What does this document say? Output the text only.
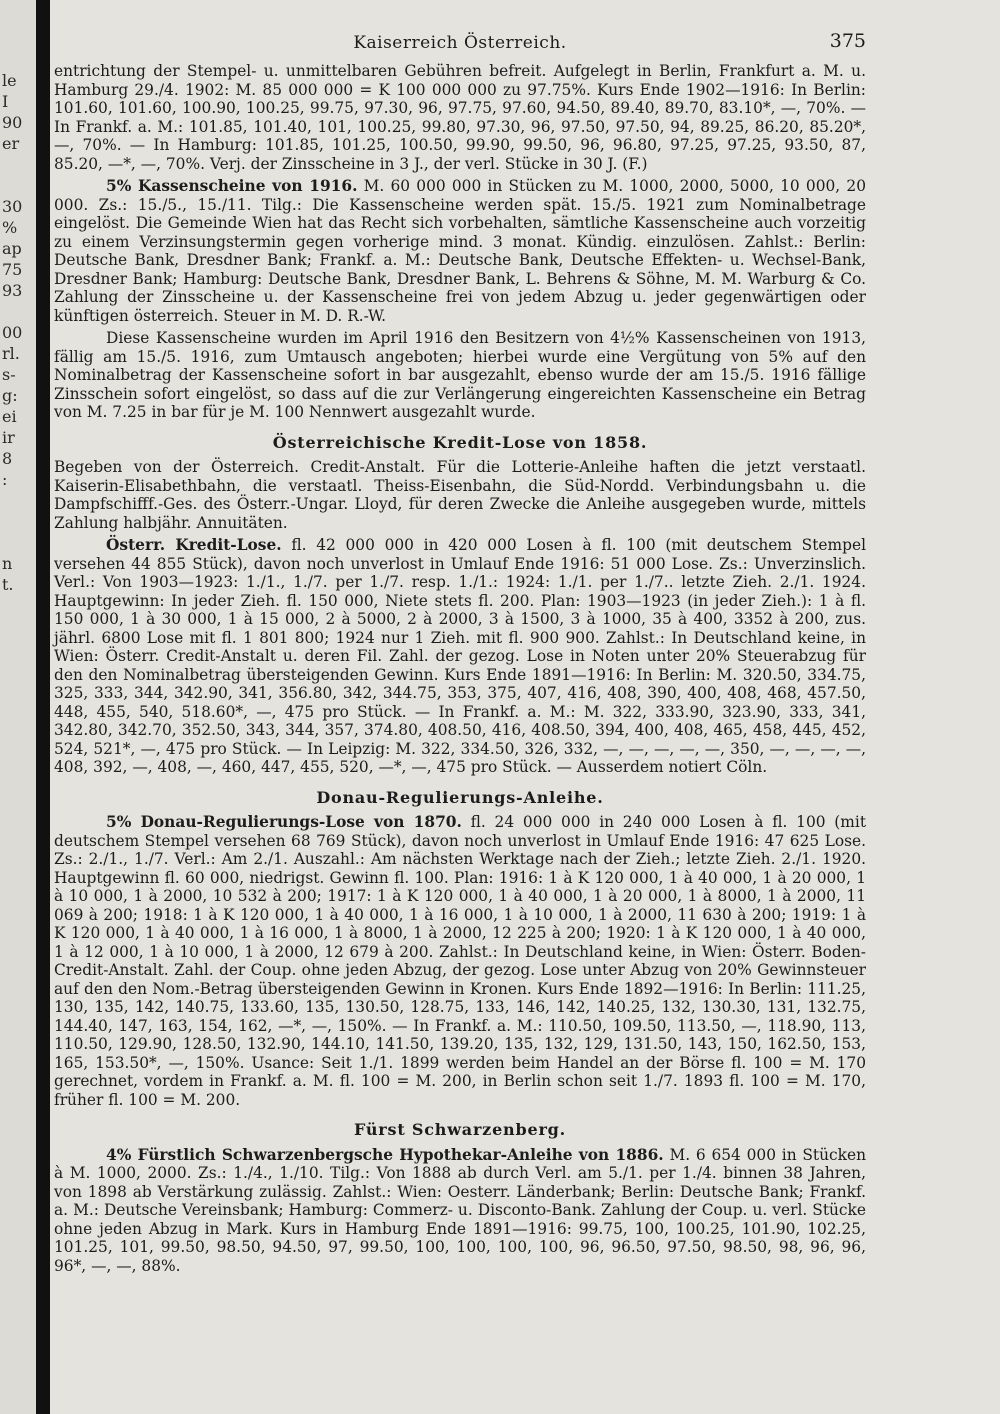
le
I
90
er
30
%
ap
75
93
00
rl.
s-
g:
ei
ir
8
:
n
t.
Kaiserreich Österreich.	375

entrichtung der Stempel- u. unmittelbaren Gebühren befreit. Aufgelegt in Berlin, Frankfurt a. M. u. Hamburg 29./4. 1902: M. 85 000 000 = K 100 000 000 zu 97.75%. Kurs Ende 1902—1916: In Berlin: 101.60, 101.60, 100.90, 100.25, 99.75, 97.30, 96, 97.75, 97.60, 94.50, 89.40, 89.70, 83.10*, —, 70%. — In Frankf. a. M.: 101.85, 101.40, 101, 100.25, 99.80, 97.30, 96, 97.50, 97.50, 94, 89.25, 86.20, 85.20*, —, 70%. — In Hamburg: 101.85, 101.25, 100.50, 99.90, 99.50, 96, 96.80, 97.25, 97.25, 93.50, 87, 85.20, —*, —, 70%. Verj. der Zinsscheine in 3 J., der verl. Stücke in 30 J. (F.)

5% Kassenscheine von 1916. M. 60 000 000 in Stücken zu M. 1000, 2000, 5000, 10 000, 20 000. Zs.: 15./5., 15./11. Tilg.: Die Kassenscheine werden spät. 15./5. 1921 zum Nominalbetrage eingelöst. Die Gemeinde Wien hat das Recht sich vorbehalten, sämtliche Kassenscheine auch vorzeitig zu einem Verzinsungstermin gegen vorherige mind. 3 monat. Kündig. einzulösen. Zahlst.: Berlin: Deutsche Bank, Dresdner Bank; Frankf. a. M.: Deutsche Bank, Deutsche Effekten- u. Wechsel-Bank, Dresdner Bank; Hamburg: Deutsche Bank, Dresdner Bank, L. Behrens & Söhne, M. M. Warburg & Co. Zahlung der Zinsscheine u. der Kassenscheine frei von jedem Abzug u. jeder gegenwärtigen oder künftigen österreich. Steuer in M. D. R.-W.

Diese Kassenscheine wurden im April 1916 den Besitzern von 4½% Kassenscheinen von 1913, fällig am 15./5. 1916, zum Umtausch angeboten; hierbei wurde eine Vergütung von 5% auf den Nominalbetrag der Kassenscheine sofort in bar ausgezahlt, ebenso wurde der am 15./5. 1916 fällige Zinsschein sofort eingelöst, so dass auf die zur Verlängerung eingereichten Kassenscheine ein Betrag von M. 7.25 in bar für je M. 100 Nennwert ausgezahlt wurde.

Österreichische Kredit-Lose von 1858.

Begeben von der Österreich. Credit-Anstalt. Für die Lotterie-Anleihe haften die jetzt verstaatl. Kaiserin-Elisabethbahn, die verstaatl. Theiss-Eisenbahn, die Süd-Nordd. Verbindungsbahn u. die Dampfschifff.-Ges. des Österr.-Ungar. Lloyd, für deren Zwecke die Anleihe ausgegeben wurde, mittels Zahlung halbjähr. Annuitäten.

Österr. Kredit-Lose. fl. 42 000 000 in 420 000 Losen à fl. 100 (mit deutschem Stempel versehen 44 855 Stück), davon noch unverlost in Umlauf Ende 1916: 51 000 Lose. Zs.: Unverzinslich. Verl.: Von 1903—1923: 1./1., 1./7. per 1./7. resp. 1./1.: 1924: 1./1. per 1./7.. letzte Zieh. 2./1. 1924. Hauptgewinn: In jeder Zieh. fl. 150 000, Niete stets fl. 200. Plan: 1903—1923 (in jeder Zieh.): 1 à fl. 150 000, 1 à 30 000, 1 à 15 000, 2 à 5000, 2 à 2000, 3 à 1500, 3 à 1000, 35 à 400, 3352 à 200, zus. jährl. 6800 Lose mit fl. 1 801 800; 1924 nur 1 Zieh. mit fl. 900 900. Zahlst.: In Deutschland keine, in Wien: Österr. Credit-Anstalt u. deren Fil. Zahl. der gezog. Lose in Noten unter 20% Steuerabzug für den den Nominalbetrag übersteigenden Gewinn. Kurs Ende 1891—1916: In Berlin: M. 320.50, 334.75, 325, 333, 344, 342.90, 341, 356.80, 342, 344.75, 353, 375, 407, 416, 408, 390, 400, 408, 468, 457.50, 448, 455, 540, 518.60*, —, 475 pro Stück. — In Frankf. a. M.: M. 322, 333.90, 323.90, 333, 341, 342.80, 342.70, 352.50, 343, 344, 357, 374.80, 408.50, 416, 408.50, 394, 400, 408, 465, 458, 445, 452, 524, 521*, —, 475 pro Stück. — In Leipzig: M. 322, 334.50, 326, 332, —, —, —, —, —, 350, —, —, —, —, 408, 392, —, 408, —, 460, 447, 455, 520, —*, —, 475 pro Stück. — Ausserdem notiert Cöln.

Donau-Regulierungs-Anleihe.

5% Donau-Regulierungs-Lose von 1870. fl. 24 000 000 in 240 000 Losen à fl. 100 (mit deutschem Stempel versehen 68 769 Stück), davon noch unverlost in Umlauf Ende 1916: 47 625 Lose. Zs.: 2./1., 1./7. Verl.: Am 2./1. Auszahl.: Am nächsten Werktage nach der Zieh.; letzte Zieh. 2./1. 1920. Hauptgewinn fl. 60 000, niedrigst. Gewinn fl. 100. Plan: 1916: 1 à K 120 000, 1 à 40 000, 1 à 20 000, 1 à 10 000, 1 à 2000, 10 532 à 200; 1917: 1 à K 120 000, 1 à 40 000, 1 à 20 000, 1 à 8000, 1 à 2000, 11 069 à 200; 1918: 1 à K 120 000, 1 à 40 000, 1 à 16 000, 1 à 10 000, 1 à 2000, 11 630 à 200; 1919: 1 à K 120 000, 1 à 40 000, 1 à 16 000, 1 à 8000, 1 à 2000, 12 225 à 200; 1920: 1 à K 120 000, 1 à 40 000, 1 à 12 000, 1 à 10 000, 1 à 2000, 12 679 à 200. Zahlst.: In Deutschland keine, in Wien: Österr. Boden-Credit-Anstalt. Zahl. der Coup. ohne jeden Abzug, der gezog. Lose unter Abzug von 20% Gewinnsteuer auf den den Nom.-Betrag übersteigenden Gewinn in Kronen. Kurs Ende 1892—1916: In Berlin: 111.25, 130, 135, 142, 140.75, 133.60, 135, 130.50, 128.75, 133, 146, 142, 140.25, 132, 130.30, 131, 132.75, 144.40, 147, 163, 154, 162, —*, —, 150%. — In Frankf. a. M.: 110.50, 109.50, 113.50, —, 118.90, 113, 110.50, 129.90, 128.50, 132.90, 144.10, 141.50, 139.20, 135, 132, 129, 131.50, 143, 150, 162.50, 153, 165, 153.50*, —, 150%. Usance: Seit 1./1. 1899 werden beim Handel an der Börse fl. 100 = M. 170 gerechnet, vordem in Frankf. a. M. fl. 100 = M. 200, in Berlin schon seit 1./7. 1893 fl. 100 = M. 170, früher fl. 100 = M. 200.

Fürst Schwarzenberg.

4% Fürstlich Schwarzenbergsche Hypothekar-Anleihe von 1886. M. 6 654 000 in Stücken à M. 1000, 2000. Zs.: 1./4., 1./10. Tilg.: Von 1888 ab durch Verl. am 5./1. per 1./4. binnen 38 Jahren, von 1898 ab Verstärkung zulässig. Zahlst.: Wien: Oesterr. Länderbank; Berlin: Deutsche Bank; Frankf. a. M.: Deutsche Vereinsbank; Hamburg: Commerz- u. Disconto-Bank. Zahlung der Coup. u. verl. Stücke ohne jeden Abzug in Mark. Kurs in Hamburg Ende 1891—1916: 99.75, 100, 100.25, 101.90, 102.25, 101.25, 101, 99.50, 98.50, 94.50, 97, 99.50, 100, 100, 100, 100, 96, 96.50, 97.50, 98.50, 98, 96, 96, 96*, —, —, 88%.
